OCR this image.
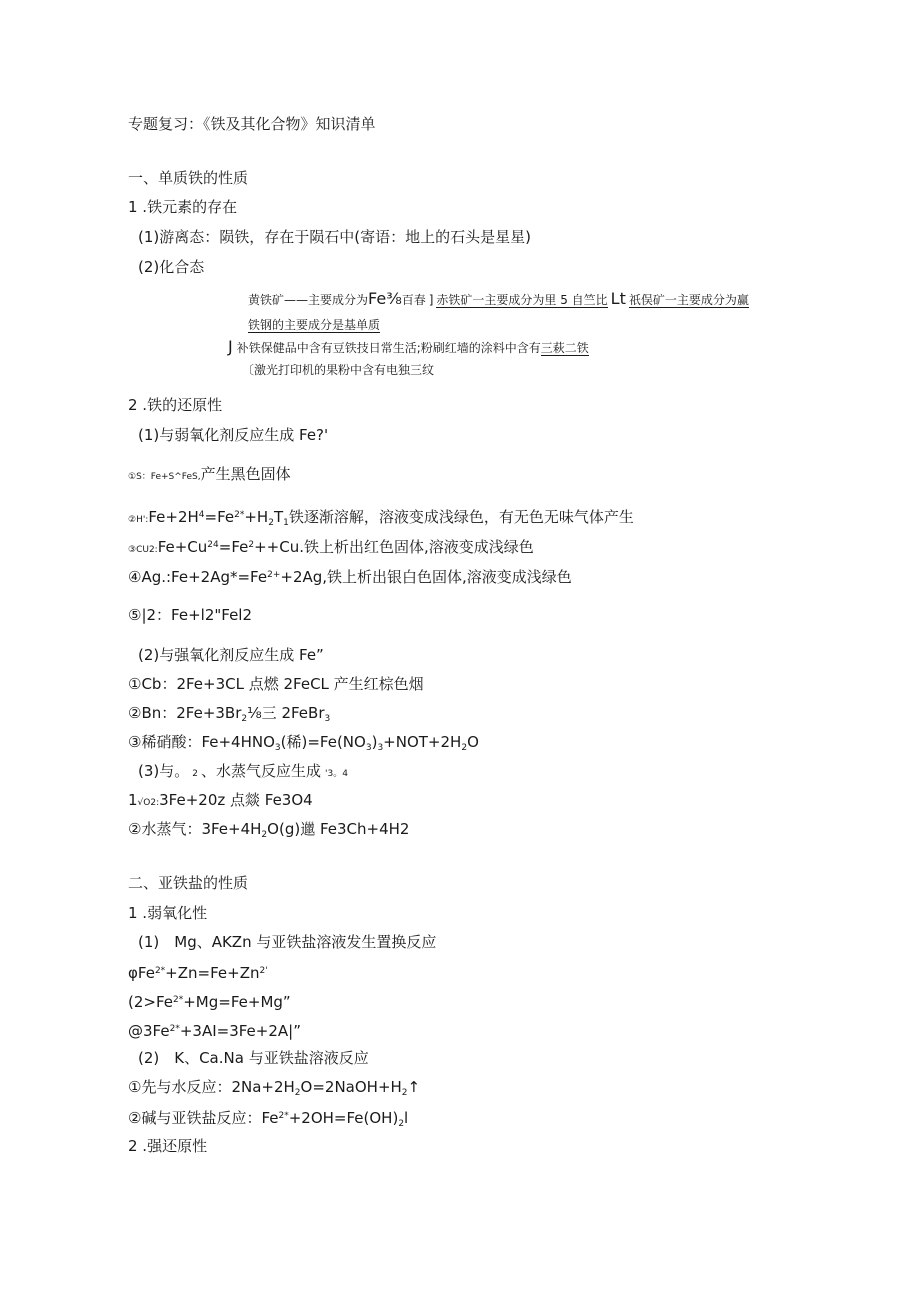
专题复习：《铁及其化合物》知识清单
一、单质铁的性质
1 .铁元素的存在
(1)游离态：陨铁，存在于陨石中(寄语：地上的石头是星星)
(2)化合态
黄铁矿——主要成分为Fe⅜百春 ] 赤铁矿一主要成分为里 5 自竺比 Lt 祇俣矿一主要成分为赢
铁钢的主要成分是基单质
J 补铁保健品中含有豆铁技日常生活;粉刷红墙的涂料中含有三萩二铁
〔激光打印机的果粉中含有电独三纹
2 .铁的还原性
(1)与弱氧化剂反应生成 Fe?'
①S：Fe+S^FeS,产生黑色固体
$②H':Fe+2H^4=Fe^{2*}+H_2T_1$铁逐渐溶解，溶液变成浅绿色，有无色无味气体产生
$③CU2:Fe+Cu^{24}=Fe^2++Cu$.铁上析出红色固体,溶液变成浅绿色
$④Ag.:Fe+2Ag*=Fe^{2+}+2Ag$,铁上析出银白色固体,溶液变成浅绿色
⑤|2：Fe+l2"Fel2
(2)与强氧化剂反应生成 Fe”
①Cb：2Fe+3CL 点燃 2FeCL 产生红棕色烟
②Bn：$2Fe+3Br_2\frac{1}{8}$三 2FeBr$_3$
③稀硝酸：$Fe+4HNO_3$(稀)$=Fe(NO_3)_3+NOT+2H_2O$
(3)与。 2 、水蒸气反应生成 '3。4
1√O2:3Fe+20z 点燚 Fe3O4
②水蒸气：$3Fe+4H_2O(g)$邋 Fe3Ch+4H2
二、亚铁盐的性质
1 .弱氧化性
(1)　Mg、AKZn 与亚铁盐溶液发生置换反应
$\varphi Fe^{2*}+Zn=Fe+Zn^{2'}$
($2>Fe^{2*}+Mg=Fe+Mg$”
$@3Fe^{2*}+3AI=3Fe+2A|$”
(2)　K、Ca.Na 与亚铁盐溶液反应
①先与水反应：$2Na+2H_2O=2NaOH+H_2↑$
②碱与亚铁盐反应：$Fe^{2*}+2OH=Fe(OH)_2l$
2 .强还原性
